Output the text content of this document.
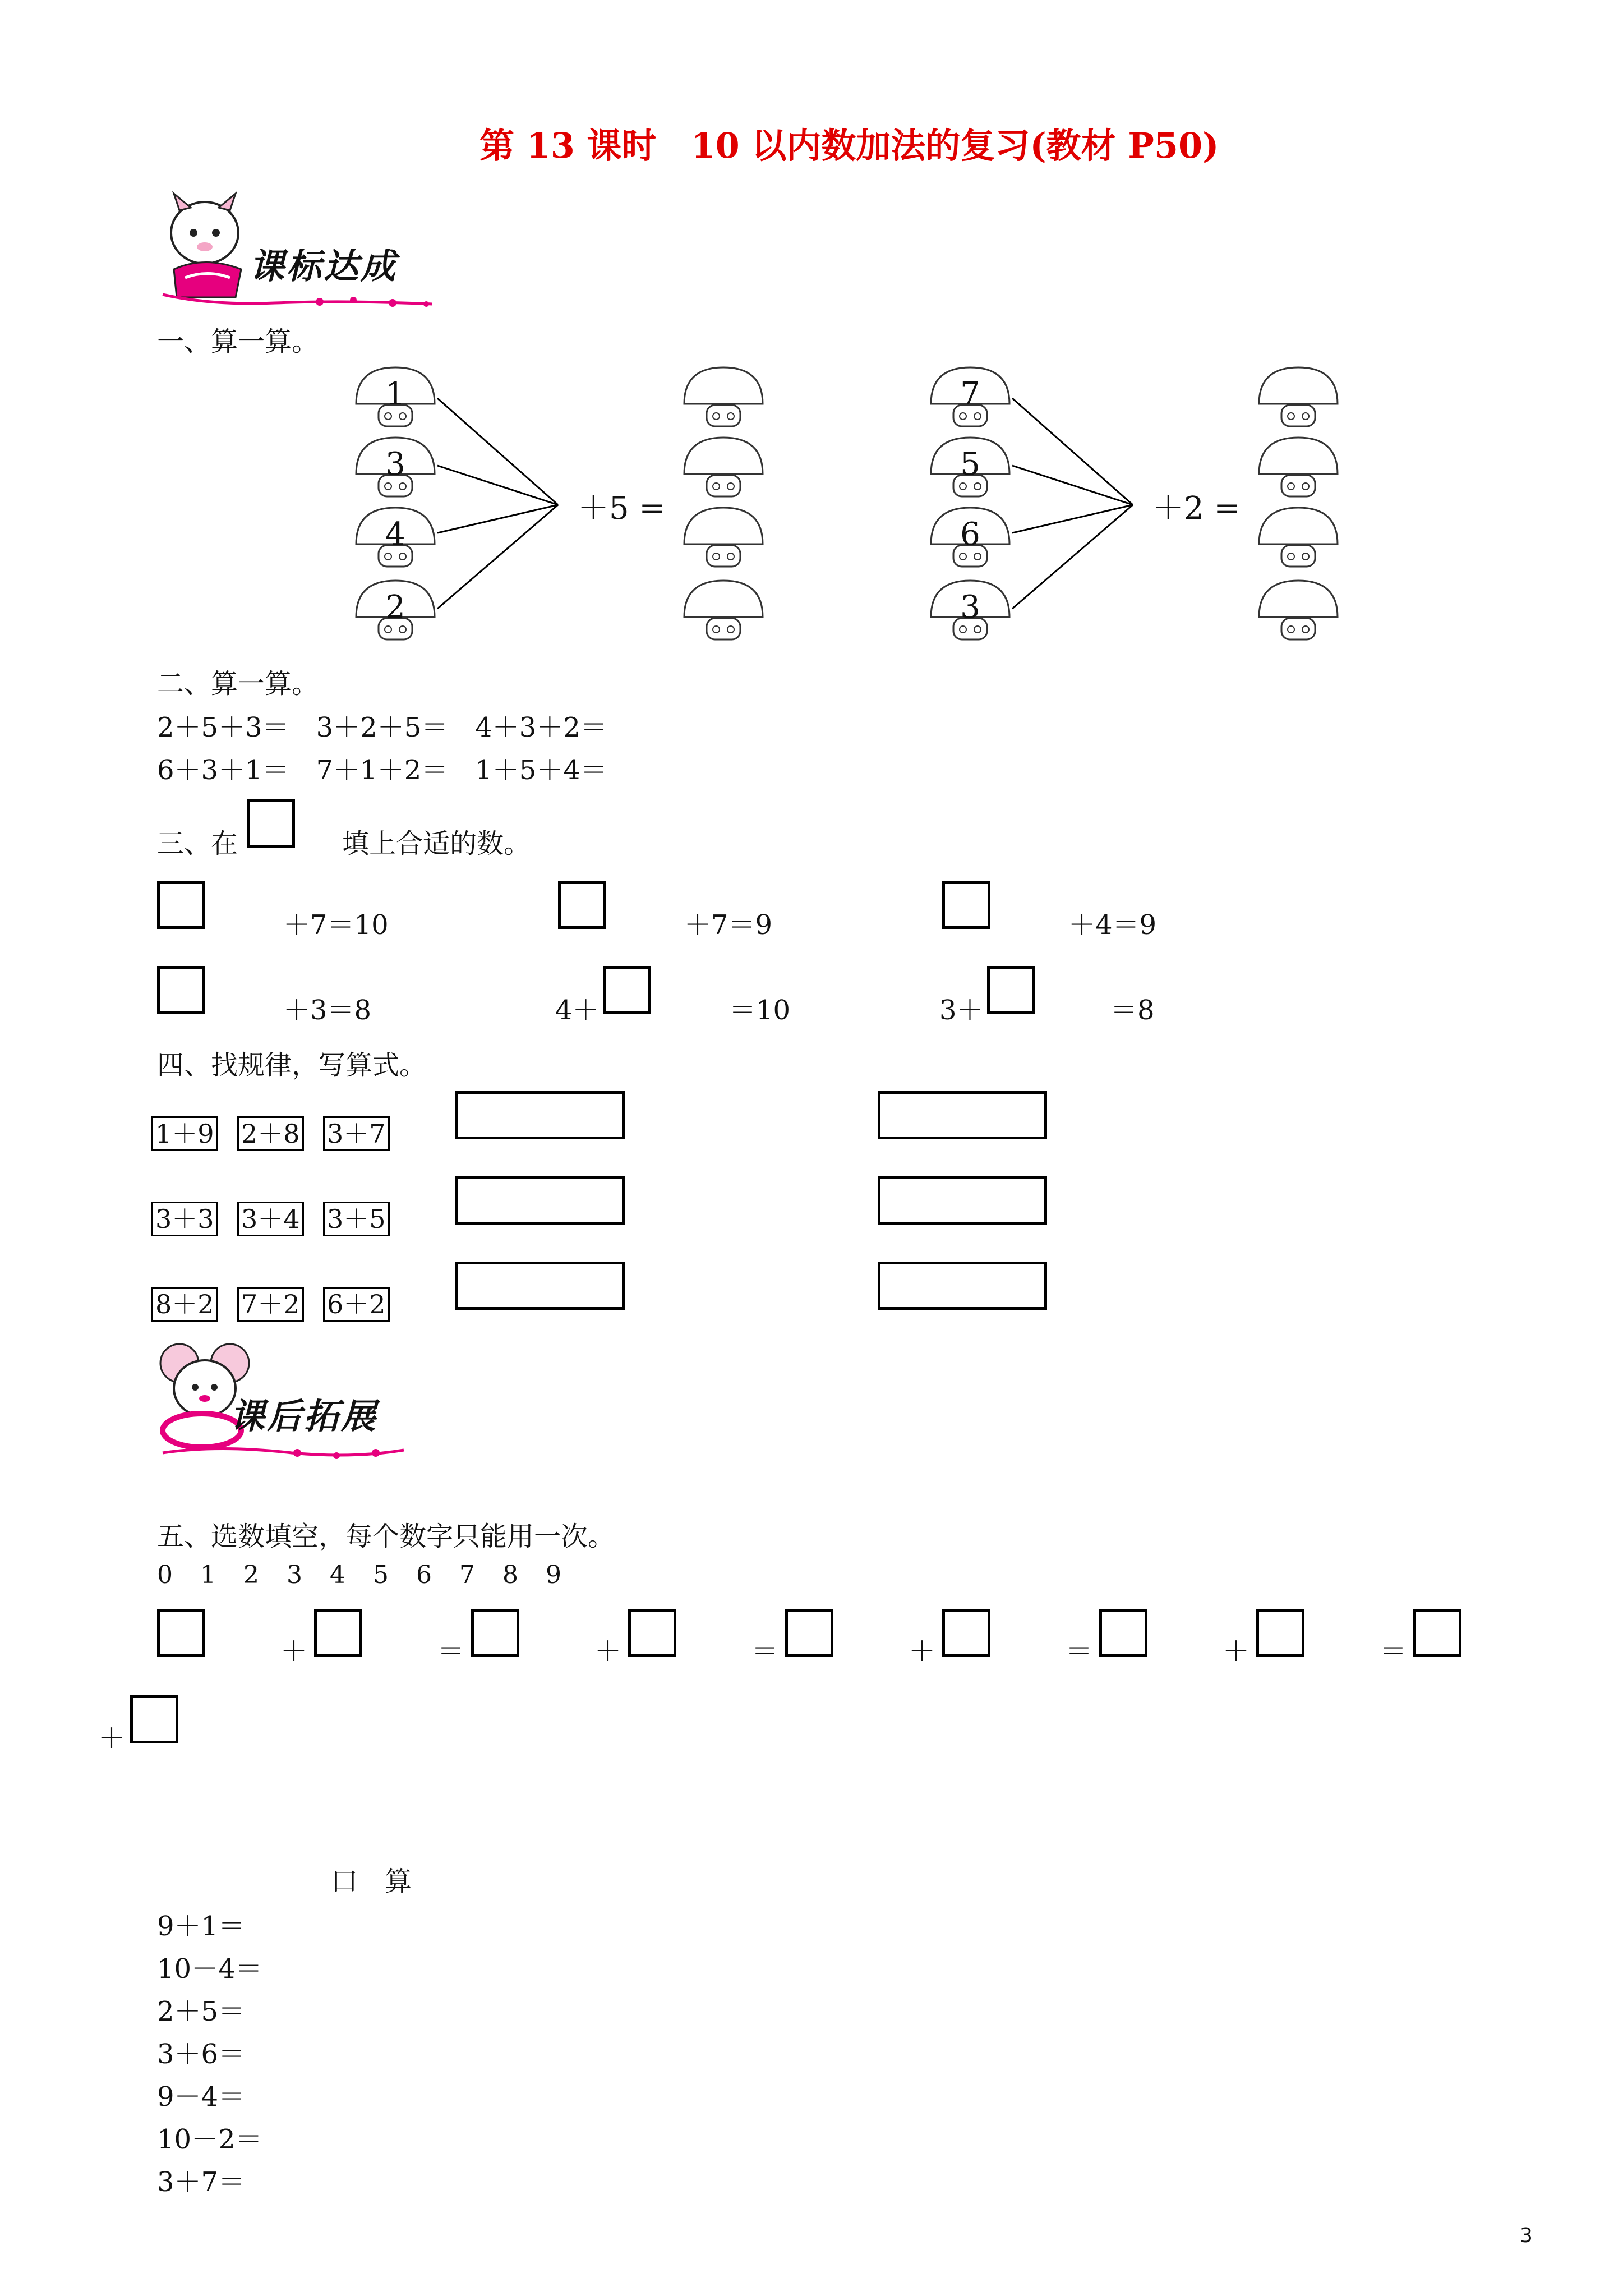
第 13 课时　10 以内数加法的复习(教材 P50)
课标达成
一、算一算。
1
3
4
2
＋5 =
7
5
6
3
＋2 =
二、算一算。
2＋5＋3＝　3＋2＋5＝　4＋3＋2＝
6＋3＋1＝　7＋1＋2＝　1＋5＋4＝
三、在	填上合适的数。
＋7＝10	＋7＝9	＋4＝9
＋3＝8	4＋	＝10	3＋	＝8
四、找规律，写算式。
1＋9 2＋8 3＋7
3＋3 3＋4 3＋5
8＋2 7＋2 6＋2
课后拓展
五、选数填空，每个数字只能用一次。
0 1 2 3 4 5 6 7 8 9
＋	＝	＋	＝	＋	＝	＋	＝
＋
口　算
9＋1＝
10－4＝
2＋5＝
3＋6＝
9－4＝
10－2＝
3＋7＝
3
